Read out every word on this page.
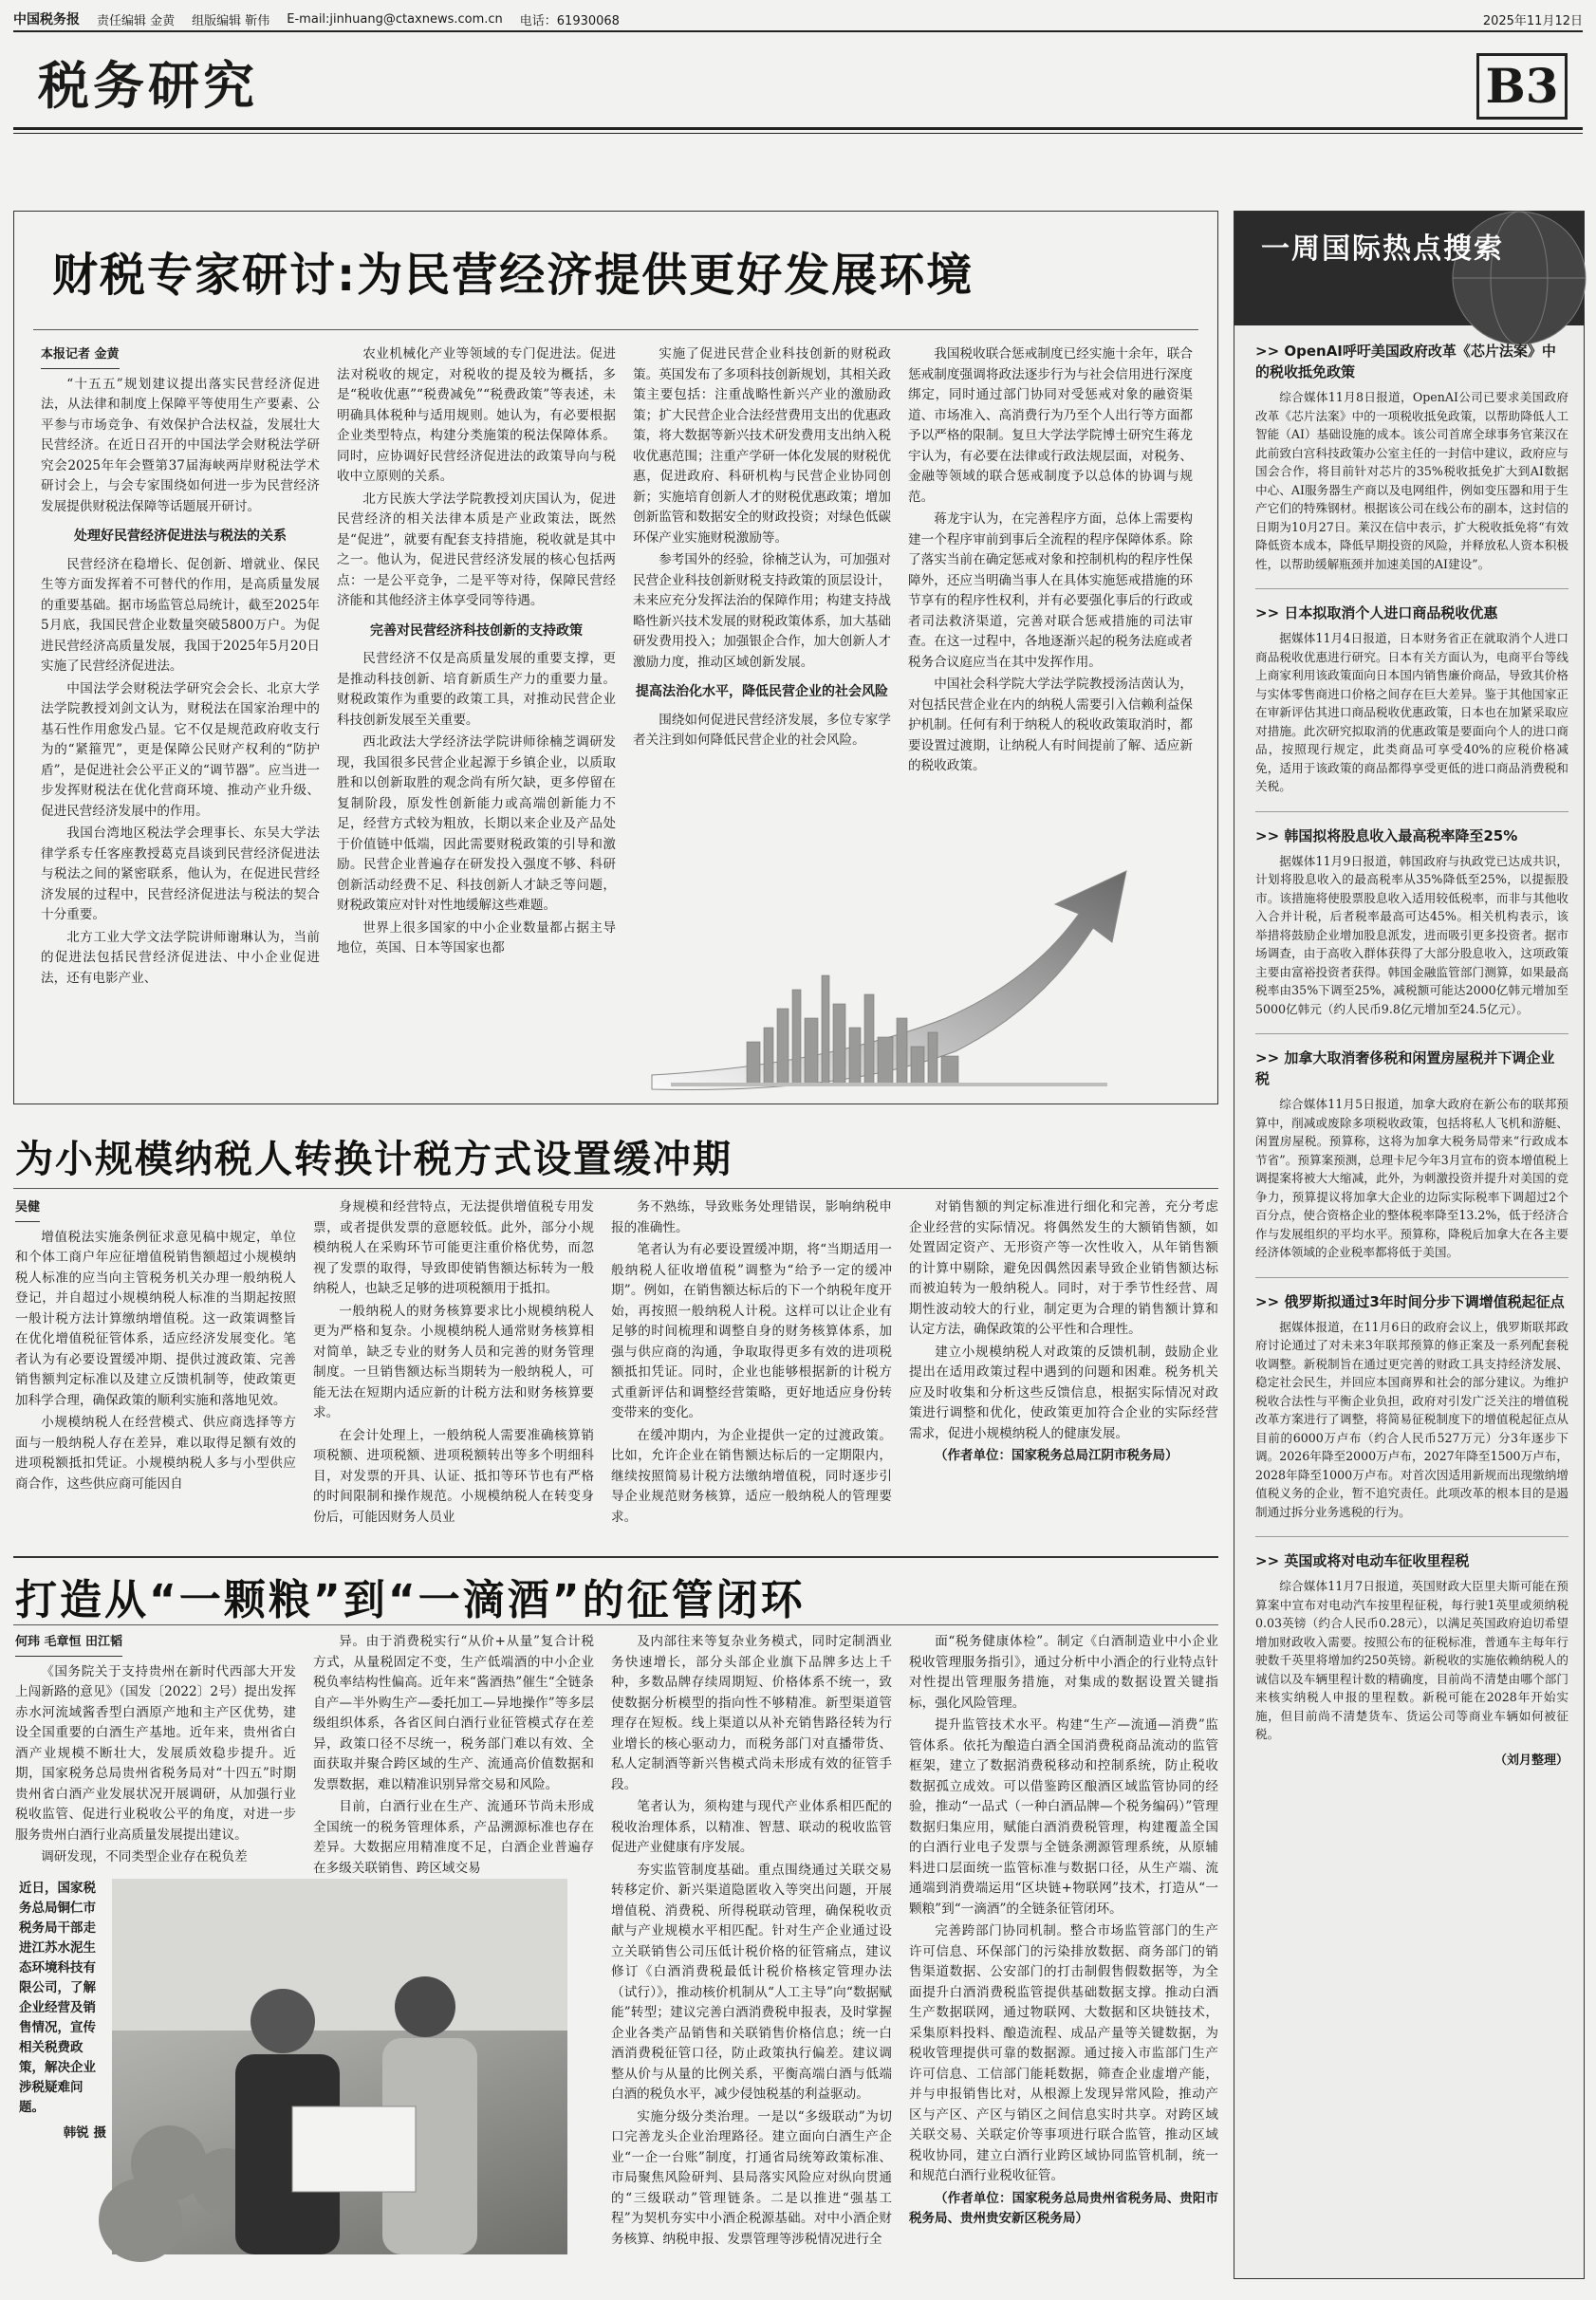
中国税务报 责任编辑 金黄 组版编辑 靳伟 E-mail:jinhuang@ctaxnews.com.cn 电话：61930068	2025年11月12日
税务研究	B3
财税专家研讨:为民营经济提供更好发展环境
本报记者 金黄

“十五五”规划建议提出落实民营经济促进法，从法律和制度上保障平等使用生产要素、公平参与市场竞争、有效保护合法权益，发展壮大民营经济。在近日召开的中国法学会财税法学研究会2025年年会暨第37届海峡两岸财税法学术研讨会上，与会专家围绕如何进一步为民营经济发展提供财税法保障等话题展开研讨。

处理好民营经济促进法与税法的关系

民营经济在稳增长、促创新、增就业、保民生等方面发挥着不可替代的作用，是高质量发展的重要基础。据市场监管总局统计，截至2025年5月底，我国民营企业数量突破5800万户。为促进民营经济高质量发展，我国于2025年5月20日实施了民营经济促进法。

中国法学会财税法学研究会会长、北京大学法学院教授刘剑文认为，财税法在国家治理中的基石性作用愈发凸显。它不仅是规范政府收支行为的“紧箍咒”，更是保障公民财产权利的“防护盾”，是促进社会公平正义的“调节器”。应当进一步发挥财税法在优化营商环境、推动产业升级、促进民营经济发展中的作用。

我国台湾地区税法学会理事长、东吴大学法律学系专任客座教授葛克昌谈到民营经济促进法与税法之间的紧密联系，他认为，在促进民营经济发展的过程中，民营经济促进法与税法的契合十分重要。

北方工业大学文法学院讲师谢琳认为，当前的促进法包括民营经济促进法、中小企业促进法，还有电影产业、

农业机械化产业等领域的专门促进法。促进法对税收的规定，对税收的提及较为概括，多是“税收优惠”“税费减免”“税费政策”等表述，未明确具体税种与适用规则。她认为，有必要根据企业类型特点，构建分类施策的税法保障体系。同时，应协调好民营经济促进法的政策导向与税收中立原则的关系。

北方民族大学法学院教授刘庆国认为，促进民营经济的相关法律本质是产业政策法，既然是“促进”，就要有配套支持措施，税收就是其中之一。他认为，促进民营经济发展的核心包括两点：一是公平竞争，二是平等对待，保障民营经济能和其他经济主体享受同等待遇。

完善对民营经济科技创新的支持政策

民营经济不仅是高质量发展的重要支撑，更是推动科技创新、培育新质生产力的重要力量。财税政策作为重要的政策工具，对推动民营企业科技创新发展至关重要。

西北政法大学经济法学院讲师徐楠芝调研发现，我国很多民营企业起源于乡镇企业，以质取胜和以创新取胜的观念尚有所欠缺，更多停留在复制阶段，原发性创新能力或高端创新能力不足，经营方式较为粗放，长期以来企业及产品处于价值链中低端，因此需要财税政策的引导和激励。民营企业普遍存在研发投入强度不够、科研创新活动经费不足、科技创新人才缺乏等问题，财税政策应对针对性地缓解这些难题。

世界上很多国家的中小企业数量都占据主导地位，英国、日本等国家也都

实施了促进民营企业科技创新的财税政策。英国发布了多项科技创新规划，其相关政策主要包括：注重战略性新兴产业的激励政策；扩大民营企业合法经营费用支出的优惠政策，将大数据等新兴技术研发费用支出纳入税收优惠范围；注重产学研一体化发展的财税优惠，促进政府、科研机构与民营企业协同创新；实施培育创新人才的财税优惠政策；增加创新监管和数据安全的财政投资；对绿色低碳环保产业实施财税激励等。

参考国外的经验，徐楠芝认为，可加强对民营企业科技创新财税支持政策的顶层设计，未来应充分发挥法治的保障作用；构建支持战略性新兴技术发展的财税政策体系，加大基础研发费用投入；加强银企合作，加大创新人才激励力度，推动区域创新发展。

提高法治化水平，降低民营企业的社会风险

围绕如何促进民营经济发展，多位专家学者关注到如何降低民营企业的社会风险。

我国税收联合惩戒制度已经实施十余年，联合惩戒制度强调将政法逐步行为与社会信用进行深度绑定，同时通过部门协同对受惩戒对象的融资渠道、市场准入、高消费行为乃至个人出行等方面都予以严格的限制。复旦大学法学院博士研究生蒋龙宇认为，有必要在法律或行政法规层面，对税务、金融等领域的联合惩戒制度予以总体的协调与规范。

蒋龙宇认为，在完善程序方面，总体上需要构建一个程序审前到事后全流程的程序保障体系。除了落实当前在确定惩戒对象和控制机构的程序性保障外，还应当明确当事人在具体实施惩戒措施的环节享有的程序性权利，并有必要强化事后的行政或者司法救济渠道，完善对联合惩戒措施的司法审查。在这一过程中，各地逐渐兴起的税务法庭或者税务合议庭应当在其中发挥作用。

中国社会科学院大学法学院教授汤洁茵认为，对包括民营企业在内的纳税人需要引入信赖利益保护机制。任何有利于纳税人的税收政策取消时，都要设置过渡期，让纳税人有时间提前了解、适应新的税收政策。

为小规模纳税人转换计税方式设置缓冲期
吴健

增值税法实施条例征求意见稿中规定，单位和个体工商户年应征增值税销售额超过小规模纳税人标准的应当向主管税务机关办理一般纳税人登记，并自超过小规模纳税人标准的当期起按照一般计税方法计算缴纳增值税。这一政策调整旨在优化增值税征管体系，适应经济发展变化。笔者认为有必要设置缓冲期、提供过渡政策、完善销售额判定标准以及建立反馈机制等，使政策更加科学合理，确保政策的顺利实施和落地见效。

小规模纳税人在经营模式、供应商选择等方面与一般纳税人存在差异，难以取得足额有效的进项税额抵扣凭证。小规模纳税人多与小型供应商合作，这些供应商可能因自

身规模和经营特点，无法提供增值税专用发票，或者提供发票的意愿较低。此外，部分小规模纳税人在采购环节可能更注重价格优势，而忽视了发票的取得，导致即使销售额达标转为一般纳税人，也缺乏足够的进项税额用于抵扣。

一般纳税人的财务核算要求比小规模纳税人更为严格和复杂。小规模纳税人通常财务核算相对简单，缺乏专业的财务人员和完善的财务管理制度。一旦销售额达标当期转为一般纳税人，可能无法在短期内适应新的计税方法和财务核算要求。

在会计处理上，一般纳税人需要准确核算销项税额、进项税额、进项税额转出等多个明细科目，对发票的开具、认证、抵扣等环节也有严格的时间限制和操作规范。小规模纳税人在转变身份后，可能因财务人员业

务不熟练，导致账务处理错误，影响纳税申报的准确性。

笔者认为有必要设置缓冲期，将“当期适用一般纳税人征收增值税”调整为“给予一定的缓冲期”。例如，在销售额达标后的下一个纳税年度开始，再按照一般纳税人计税。这样可以让企业有足够的时间梳理和调整自身的财务核算体系，加强与供应商的沟通，争取取得更多有效的进项税额抵扣凭证。同时，企业也能够根据新的计税方式重新评估和调整经营策略，更好地适应身份转变带来的变化。

在缓冲期内，为企业提供一定的过渡政策。比如，允许企业在销售额达标后的一定期限内，继续按照简易计税方法缴纳增值税，同时逐步引导企业规范财务核算，适应一般纳税人的管理要求。

对销售额的判定标准进行细化和完善，充分考虑企业经营的实际情况。将偶然发生的大额销售额，如处置固定资产、无形资产等一次性收入，从年销售额的计算中剔除，避免因偶然因素导致企业销售额达标而被迫转为一般纳税人。同时，对于季节性经营、周期性波动较大的行业，制定更为合理的销售额计算和认定方法，确保政策的公平性和合理性。

建立小规模纳税人对政策的反馈机制，鼓励企业提出在适用政策过程中遇到的问题和困难。税务机关应及时收集和分析这些反馈信息，根据实际情况对政策进行调整和优化，使政策更加符合企业的实际经营需求，促进小规模纳税人的健康发展。

（作者单位：国家税务总局江阴市税务局）

打造从“一颗粮”到“一滴酒”的征管闭环
何玮 毛章恒 田江韬

《国务院关于支持贵州在新时代西部大开发上闯新路的意见》（国发〔2022〕2号）提出发挥赤水河流域酱香型白酒原产地和主产区优势，建设全国重要的白酒生产基地。近年来，贵州省白酒产业规模不断壮大，发展质效稳步提升。近期，国家税务总局贵州省税务局对“十四五”时期贵州省白酒产业发展状况开展调研，从加强行业税收监管、促进行业税收公平的角度，对进一步服务贵州白酒行业高质量发展提出建议。

调研发现，不同类型企业存在税负差

异。由于消费税实行“从价+从量”复合计税方式，从量税固定不变，生产低端酒的中小企业税负率结构性偏高。近年来“酱酒热”催生“全链条自产—半外购生产—委托加工—异地操作”等多层级组织体系，各省区间白酒行业征管模式存在差异，政策口径不尽统一，税务部门难以有效、全面获取并聚合跨区域的生产、流通高价值数据和发票数据，难以精准识别异常交易和风险。

目前，白酒行业在生产、流通环节尚未形成全国统一的税务管理体系，产品溯源标准也存在差异。大数据应用精准度不足，白酒企业普遍存在多级关联销售、跨区域交易

及内部往来等复杂业务模式，同时定制酒业务快速增长，部分头部企业旗下品牌多达上千种，多数品牌存续周期短、价格体系不统一，致使数据分析模型的指向性不够精准。新型渠道管理存在短板。线上渠道以从补充销售路径转为行业增长的核心驱动力，而税务部门对直播带货、私人定制酒等新兴售模式尚未形成有效的征管手段。

笔者认为，须构建与现代产业体系相匹配的税收治理体系，以精准、智慧、联动的税收监管促进产业健康有序发展。

夯实监管制度基础。重点围绕通过关联交易转移定价、新兴渠道隐匿收入等突出问题，开展增值税、消费税、所得税联动管理，确保税收贡献与产业规模水平相匹配。针对生产企业通过设立关联销售公司压低计税价格的征管痛点，建议修订《白酒消费税最低计税价格核定管理办法（试行）》，推动核价机制从“人工主导”向“数据赋能”转型；建议完善白酒消费税申报表，及时掌握企业各类产品销售和关联销售价格信息；统一白酒消费税征管口径，防止政策执行偏差。建议调整从价与从量的比例关系，平衡高端白酒与低端白酒的税负水平，减少侵蚀税基的利益驱动。

实施分级分类治理。一是以“多级联动”为切口完善龙头企业治理路径。建立面向白酒生产企业“一企一台账”制度，打通省局统筹政策标准、市局聚焦风险研判、县局落实风险应对纵向贯通的“三级联动”管理链条。二是以推进“强基工程”为契机夯实中小酒企税源基础。对中小酒企财务核算、纳税申报、发票管理等涉税情况进行全

面“税务健康体检”。制定《白酒制造业中小企业税收管理服务指引》，通过分析中小酒企的行业特点针对性提出管理服务措施，对集成的数据设置关键指标，强化风险管理。

提升监管技术水平。构建“生产—流通—消费”监管体系。依托为酿造白酒全国消费税商品流动的监管框架，建立了数据消费税移动和控制系统，防止税收数据孤立成效。可以借鉴跨区酿酒区域监管协同的经验，推动“一品式（一种白酒品牌—个税务编码）”管理数据归集应用，赋能白酒消费税管理，构建覆盖全国的白酒行业电子发票与全链条溯源管理系统，从原辅料进口层面统一监管标准与数据口径，从生产端、流通端到消费端运用“区块链+物联网”技术，打造从“一颗粮”到“一滴酒”的全链条征管闭环。

完善跨部门协同机制。整合市场监管部门的生产许可信息、环保部门的污染排放数据、商务部门的销售渠道数据、公安部门的打击制假售假数据等，为全面提升白酒消费税监管提供基础数据支撑。推动白酒生产数据联网，通过物联网、大数据和区块链技术，采集原料投料、酿造流程、成品产量等关键数据，为税收管理提供可靠的数据源。通过接入市监部门生产许可信息、工信部门能耗数据，筛查企业虚增产能，并与申报销售比对，从根源上发现异常风险，推动产区与产区、产区与销区之间信息实时共享。对跨区域关联交易、关联定价等事项进行联合监管，推动区域税收协同，建立白酒行业跨区域协同监管机制，统一和规范白酒行业税收征管。

（作者单位：国家税务总局贵州省税务局、贵阳市税务局、贵州贵安新区税务局）

近日，国家税务总局铜仁市税务局干部走进江苏水泥生态环境科技有限公司，了解企业经营及销售情况，宣传相关税费政策，解决企业涉税疑难问题。
韩锐 摄
一周国际热点搜索
>> OpenAI呼吁美国政府改革《芯片法案》中的税收抵免政策

综合媒体11月8日报道，OpenAI公司已要求美国政府改革《芯片法案》中的一项税收抵免政策，以帮助降低人工智能（AI）基础设施的成本。该公司首席全球事务官莱汉在此前致白宫科技政策办公室主任的一封信中建议，政府应与国会合作，将目前针对芯片的35%税收抵免扩大到AI数据中心、AI服务器生产商以及电网组件，例如变压器和用于生产它们的特殊钢材。根据该公司在线公布的副本，这封信的日期为10月27日。莱汉在信中表示，扩大税收抵免将“有效降低资本成本，降低早期投资的风险，并释放私人资本积极性，以帮助缓解瓶颈并加速美国的AI建设”。

>> 日本拟取消个人进口商品税收优惠

据媒体11月4日报道，日本财务省正在就取消个人进口商品税收优惠进行研究。日本有关方面认为，电商平台等线上商家利用该政策面向日本国内销售廉价商品，导致其价格与实体零售商进口价格之间存在巨大差异。鉴于其他国家正在审新评估其进口商品税收优惠政策，日本也在加紧采取应对措施。此次研究拟取消的优惠政策是要面向个人的进口商品，按照现行规定，此类商品可享受40%的应税价格减免，适用于该政策的商品都得享受更低的进口商品消费税和关税。

>> 韩国拟将股息收入最高税率降至25%

据媒体11月9日报道，韩国政府与执政党已达成共识，计划将股息收入的最高税率从35%降低至25%，以提振股市。该措施将使股票股息收入适用较低税率，而非与其他收入合并计税，后者税率最高可达45%。相关机构表示，该举措将鼓励企业增加股息派发，进而吸引更多投资者。据市场调查，由于高收入群体获得了大部分股息收入，这项政策主要由富裕投资者获得。韩国金融监管部门测算，如果最高税率由35%下调至25%，减税额可能达2000亿韩元增加至5000亿韩元（约人民币9.8亿元增加至24.5亿元）。

>> 加拿大取消奢侈税和闲置房屋税并下调企业税

综合媒体11月5日报道，加拿大政府在新公布的联邦预算中，削减或废除多项税收政策，包括将私人飞机和游艇、闲置房屋税。预算称，这将为加拿大税务局带来“行政成本节省”。预算案预测，总理卡尼今年3月宣布的资本增值税上调提案将被大大缩减，此外，为刺激投资并提升对美国的竞争力，预算提议将加拿大企业的边际实际税率下调超过2个百分点，使合资格企业的整体税率降至13.2%，低于经济合作与发展组织的平均水平。预算称，降税后加拿大在各主要经济体领域的企业税率都将低于美国。

>> 俄罗斯拟通过3年时间分步下调增值税起征点

据媒体报道，在11月6日的政府会议上，俄罗斯联邦政府讨论通过了对未来3年联邦预算的修正案及一系列配套税收调整。新税制旨在通过更完善的财政工具支持经济发展、稳定社会民生，并回应本国商界和社会的部分建议。为维护税收合法性与平衡企业负担，政府对引发广泛关注的增值税改革方案进行了调整，将简易征税制度下的增值税起征点从目前的6000万卢布（约合人民币527万元）分3年逐步下调。2026年降至2000万卢布，2027年降至1500万卢布，2028年降至1000万卢布。对首次因适用新规而出现缴纳增值税义务的企业，暂不追究责任。此项改革的根本目的是遏制通过拆分业务逃税的行为。

>> 英国或将对电动车征收里程税

综合媒体11月7日报道，英国财政大臣里夫斯可能在预算案中宣布对电动汽车按里程征税，每行驶1英里或须纳税0.03英镑（约合人民币0.28元），以满足英国政府迫切希望增加财政收入需要。按照公布的征税标准，普通车主每年行驶数千英里将增加约250英镑。新税收的实施依赖纳税人的诚信以及车辆里程计数的精确度，目前尚不清楚由哪个部门来核实纳税人申报的里程数。新税可能在2028年开始实施，但目前尚不清楚货车、货运公司等商业车辆如何被征税。

（刘月整理）
